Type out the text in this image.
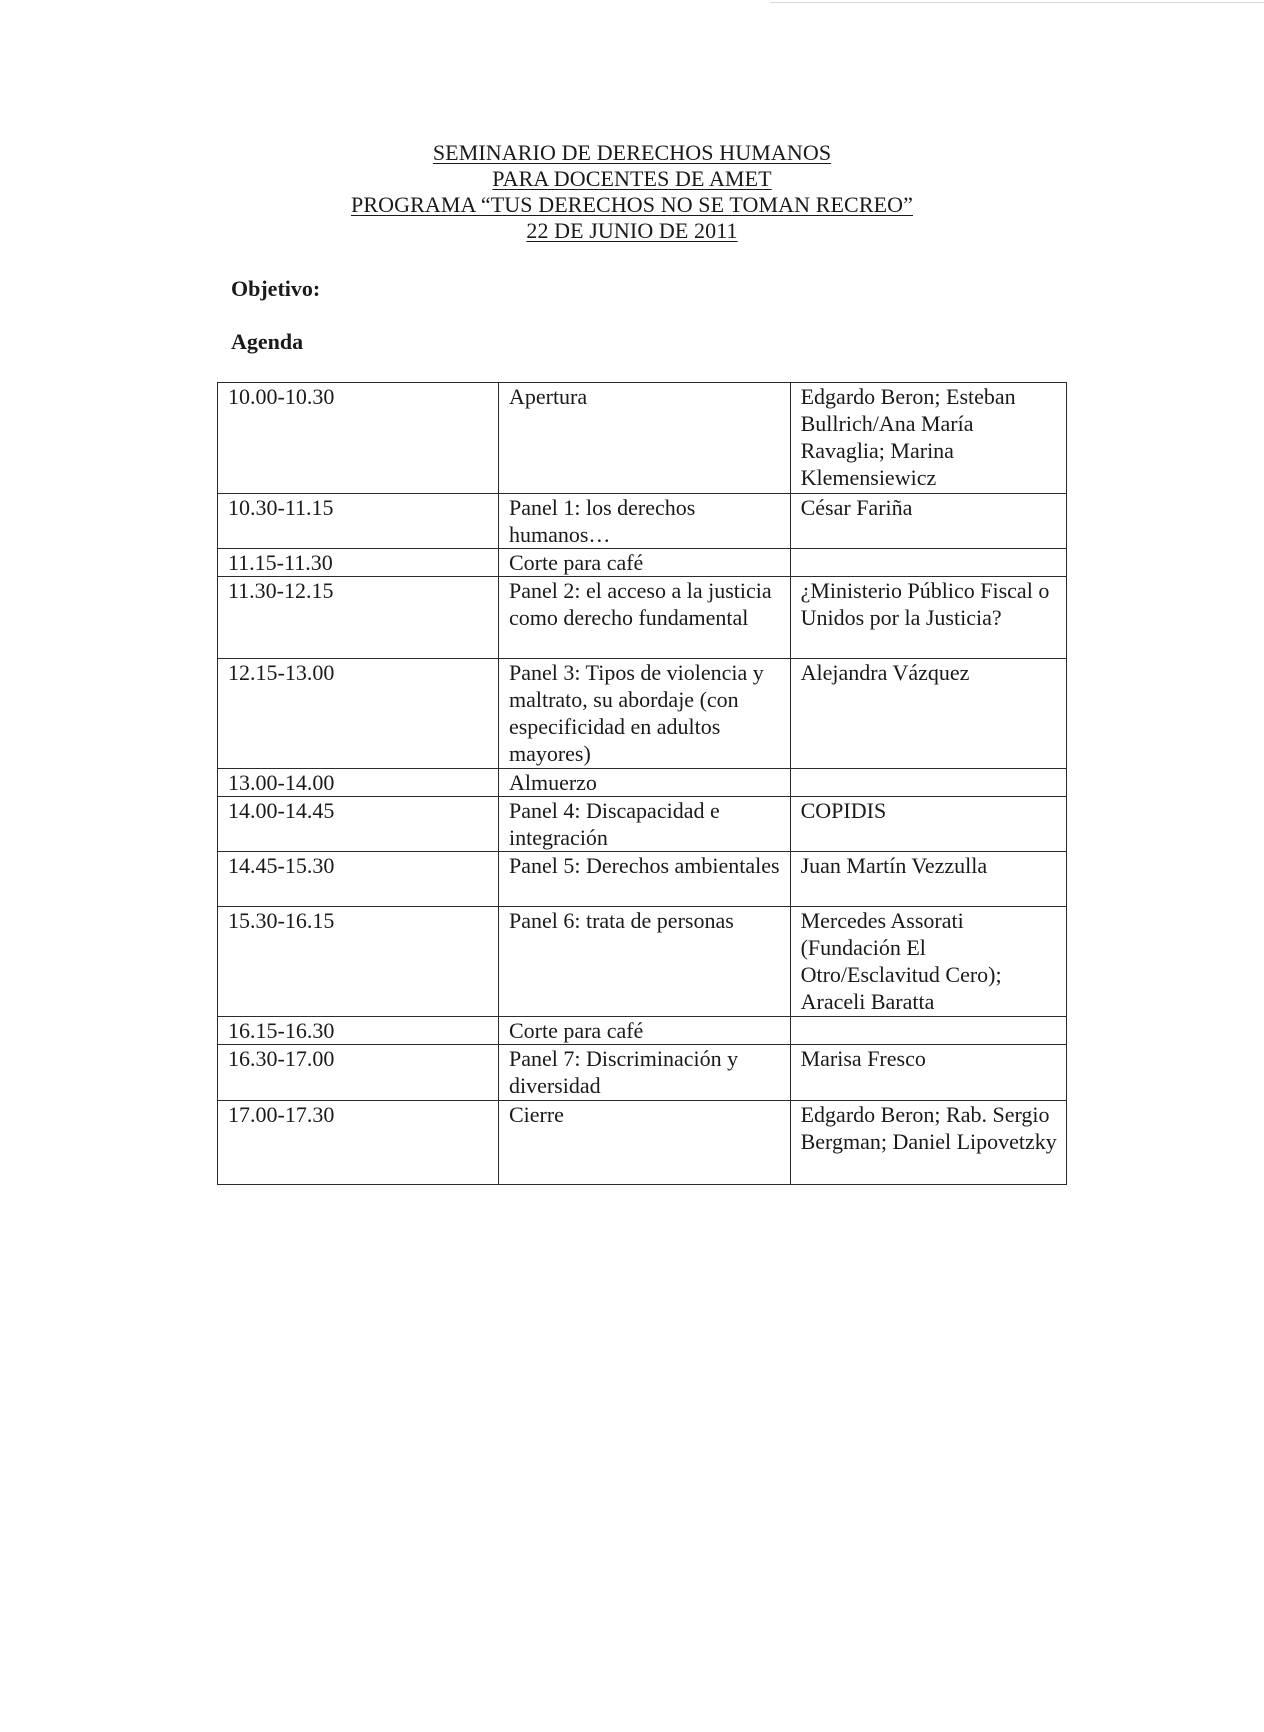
SEMINARIO DE DERECHOS HUMANOS
PARA DOCENTES DE AMET
PROGRAMA “TUS DERECHOS NO SE TOMAN RECREO”
22 DE JUNIO DE 2011
Objetivo:
Agenda
10.00-10.30	Apertura	Edgardo Beron; Esteban Bullrich/Ana María Ravaglia; Marina Klemensiewicz
10.30-11.15	Panel 1: los derechos humanos…	César Fariña
11.15-11.30	Corte para café	
11.30-12.15	Panel 2: el acceso a la justicia como derecho fundamental	¿Ministerio Público Fiscal o Unidos por la Justicia?
12.15-13.00	Panel 3: Tipos de violencia y maltrato, su abordaje (con especificidad en adultos mayores)	Alejandra Vázquez
13.00-14.00	Almuerzo	
14.00-14.45	Panel 4: Discapacidad e integración	COPIDIS
14.45-15.30	Panel 5: Derechos ambientales	Juan Martín Vezzulla
15.30-16.15	Panel 6: trata de personas	Mercedes Assorati (Fundación El Otro/Esclavitud Cero); Araceli Baratta
16.15-16.30	Corte para café	
16.30-17.00	Panel 7: Discriminación y diversidad	Marisa Fresco
17.00-17.30	Cierre	Edgardo Beron; Rab. Sergio Bergman; Daniel Lipovetzky
